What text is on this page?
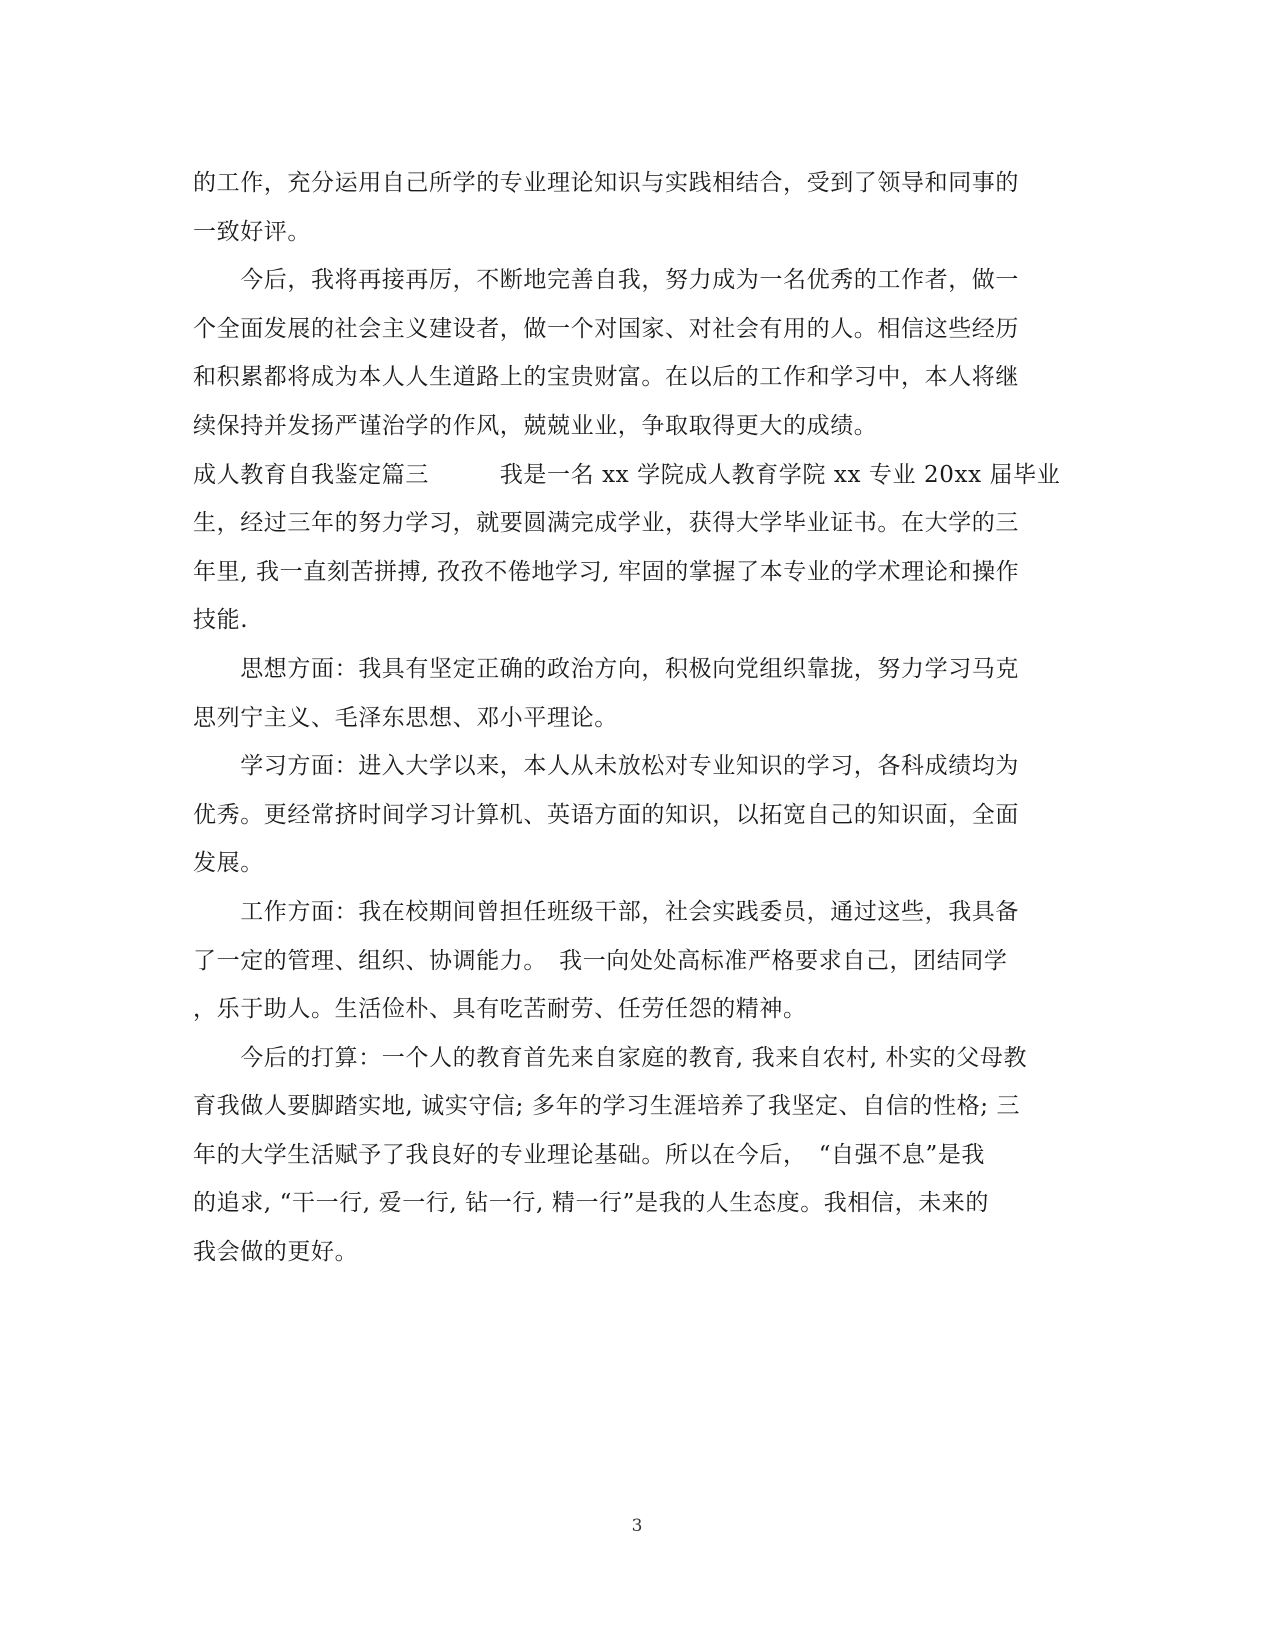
的工作，充分运用自己所学的专业理论知识与实践相结合，受到了领导和同事的
一致好评。
　　今后，我将再接再厉，不断地完善自我，努力成为一名优秀的工作者，做一
个全面发展的社会主义建设者，做一个对国家、对社会有用的人。相信这些经历
和积累都将成为本人人生道路上的宝贵财富。在以后的工作和学习中，本人将继
续保持并发扬严谨治学的作风，兢兢业业，争取取得更大的成绩。
成人教育自我鉴定篇三　　　我是一名 xx 学院成人教育学院 xx 专业 20xx 届毕业
生，经过三年的努力学习，就要圆满完成学业，获得大学毕业证书。在大学的三
年里, 我一直刻苦拼搏, 孜孜不倦地学习, 牢固的掌握了本专业的学术理论和操作
技能.
　　思想方面：我具有坚定正确的政治方向，积极向党组织靠拢，努力学习马克
思列宁主义、毛泽东思想、邓小平理论。
　　学习方面：进入大学以来，本人从未放松对专业知识的学习，各科成绩均为
优秀。更经常挤时间学习计算机、英语方面的知识，以拓宽自己的知识面，全面
发展。
　　工作方面：我在校期间曾担任班级干部，社会实践委员，通过这些，我具备
了一定的管理、组织、协调能力。　我一向处处高标准严格要求自己，团结同学
，乐于助人。生活俭朴、具有吃苦耐劳、任劳任怨的精神。
　　今后的打算：一个人的教育首先来自家庭的教育, 我来自农村, 朴实的父母教
育我做人要脚踏实地, 诚实守信; 多年的学习生涯培养了我坚定、自信的性格; 三
年的大学生活赋予了我良好的专业理论基础。所以在今后，　“自强不息”是我
的追求, “干一行, 爱一行, 钻一行, 精一行”是我的人生态度。我相信，未来的
我会做的更好。
3
